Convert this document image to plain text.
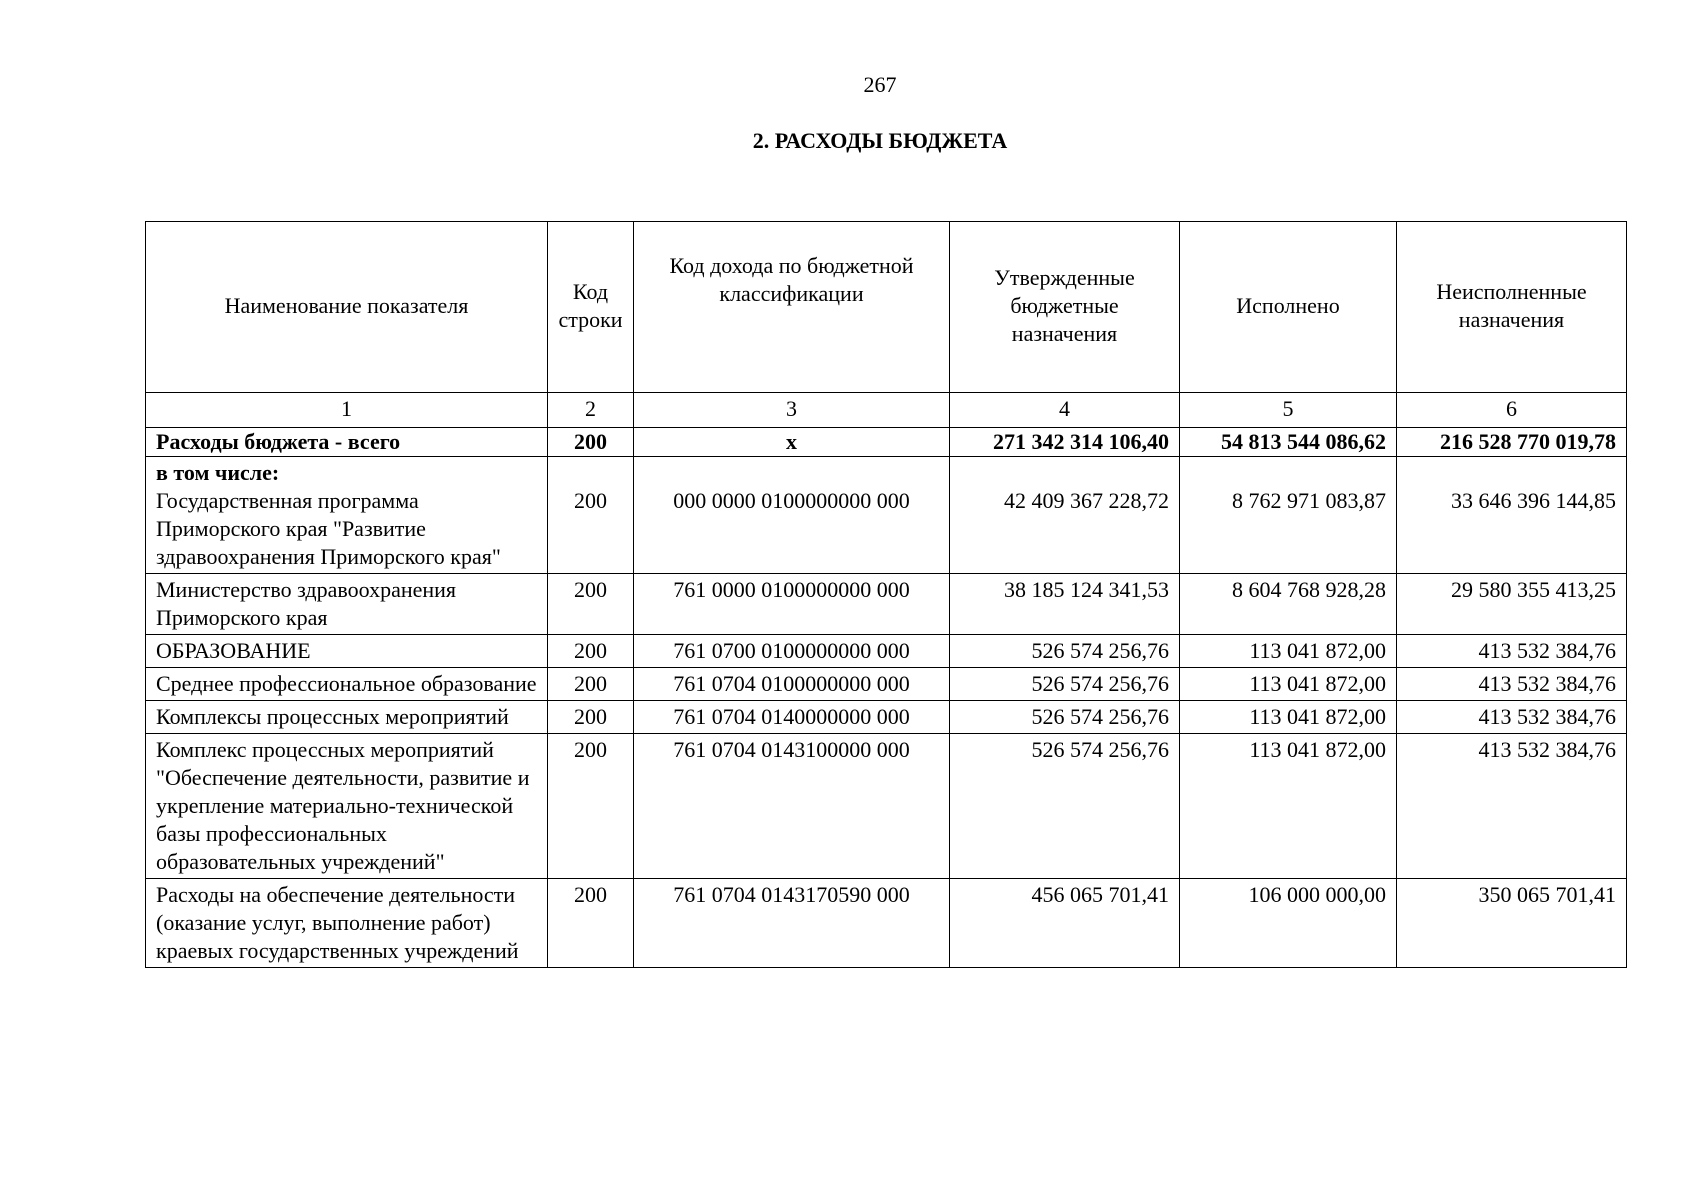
267
2. РАСХОДЫ БЮДЖЕТА
Наименование показателя	Код строки	Код дохода по бюджетной классификации	Утвержденные бюджетные назначения	Исполнено	Неисполненные назначения

1	2	3	4	5	6
Расходы бюджета - всего	200	x	271 342 314 106,40	54 813 544 086,62	216 528 770 019,78

в том числе:
Государственная программа Приморского края "Развитие здравоохранения Приморского края"	200	000 0000 0100000000 000	42 409 367 228,72	8 762 971 083,87	33 646 396 144,85
Министерство здравоохранения Приморского края	200	761 0000 0100000000 000	38 185 124 341,53	8 604 768 928,28	29 580 355 413,25
ОБРАЗОВАНИЕ	200	761 0700 0100000000 000	526 574 256,76	113 041 872,00	413 532 384,76
Среднее профессиональное образование	200	761 0704 0100000000 000	526 574 256,76	113 041 872,00	413 532 384,76
Комплексы процессных мероприятий	200	761 0704 0140000000 000	526 574 256,76	113 041 872,00	413 532 384,76
Комплекс процессных мероприятий "Обеспечение деятельности, развитие и укрепление материально-технической базы профессиональных образовательных учреждений"	200	761 0704 0143100000 000	526 574 256,76	113 041 872,00	413 532 384,76
Расходы на обеспечение деятельности (оказание услуг, выполнение работ) краевых государственных учреждений	200	761 0704 0143170590 000	456 065 701,41	106 000 000,00	350 065 701,41
